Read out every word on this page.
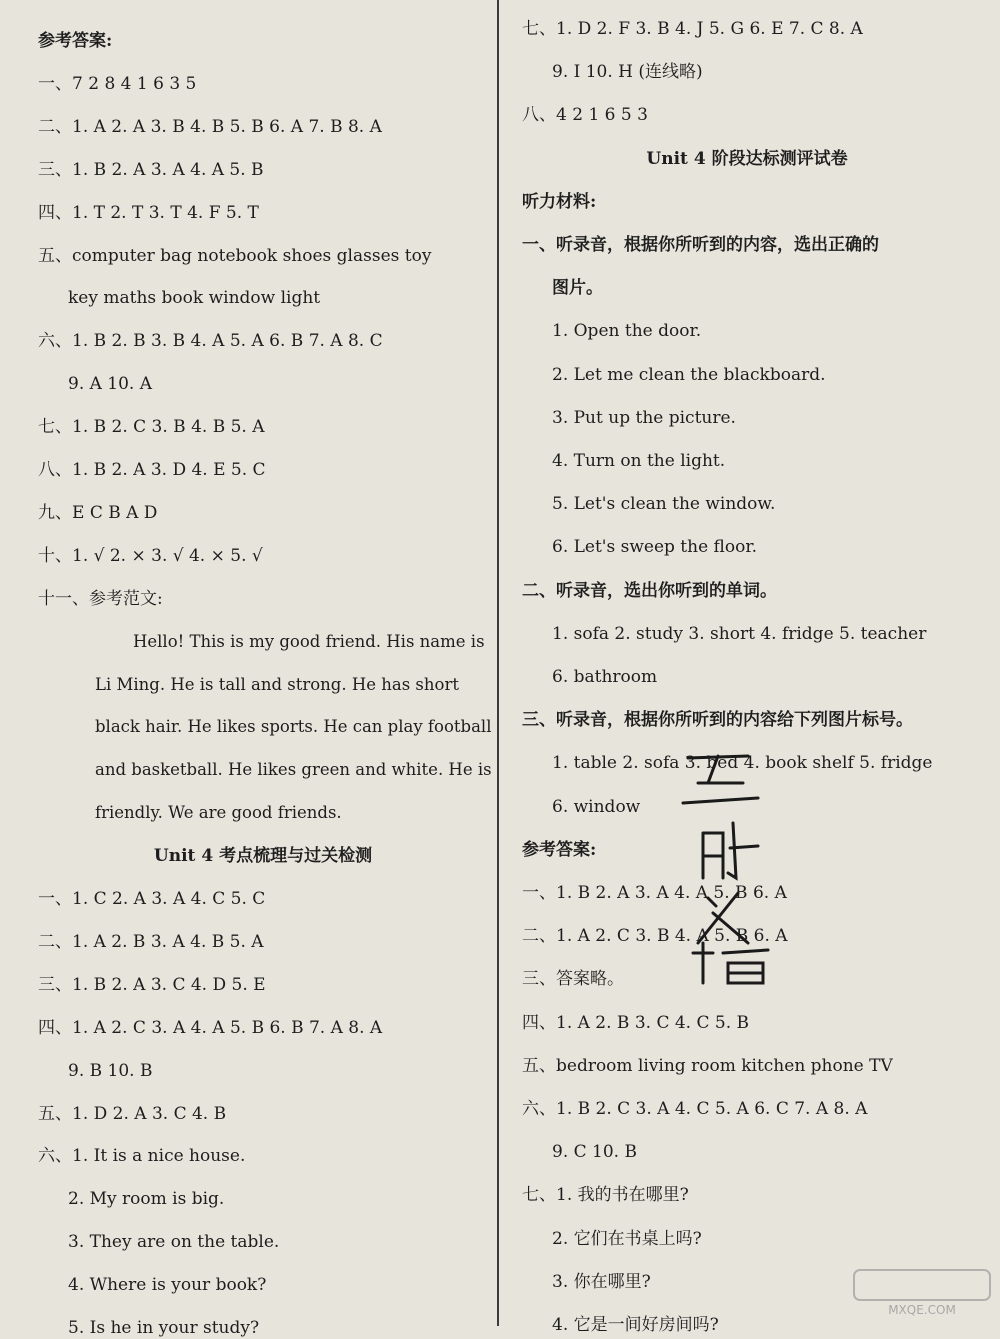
参考答案:
一、7 2 8 4 1 6 3 5
二、1. A 2. A 3. B 4. B 5. B 6. A 7. B 8. A
三、1. B 2. A 3. A 4. A 5. B
四、1. T 2. T 3. T 4. F 5. T
五、computer bag notebook shoes glasses toy
key maths book window light
六、1. B 2. B 3. B 4. A 5. A 6. B 7. A 8. C
9. A 10. A
七、1. B 2. C 3. B 4. B 5. A
八、1. B 2. A 3. D 4. E 5. C
九、E C B A D
十、1. √ 2. × 3. √ 4. × 5. √
十一、参考范文:
Hello! This is my good friend. His name is
Li Ming. He is tall and strong. He has short
black hair. He likes sports. He can play football
and basketball. He likes green and white. He is
friendly. We are good friends.
Unit 4 考点梳理与过关检测
一、1. C 2. A 3. A 4. C 5. C
二、1. A 2. B 3. A 4. B 5. A
三、1. B 2. A 3. C 4. D 5. E
四、1. A 2. C 3. A 4. A 5. B 6. B 7. A 8. A
9. B 10. B
五、1. D 2. A 3. C 4. B
六、1. It is a nice house.
2. My room is big.
3. They are on the table.
4. Where is your book?
5. Is he in your study?
七、1. D 2. F 3. B 4. J 5. G 6. E 7. C 8. A
9. I 10. H (连线略)
八、4 2 1 6 5 3
Unit 4 阶段达标测评试卷
听力材料:
一、听录音，根据你所听到的内容，选出正确的
图片。
1. Open the door.
2. Let me clean the blackboard.
3. Put up the picture.
4. Turn on the light.
5. Let's clean the window.
6. Let's sweep the floor.
二、听录音，选出你听到的单词。
1. sofa 2. study 3. short 4. fridge 5. teacher
6. bathroom
三、听录音，根据你所听到的内容给下列图片标号。
1. table 2. sofa 3. bed 4. book shelf 5. fridge
6. window
参考答案:
一、1. B 2. A 3. A 4. A 5. B 6. A
二、1. A 2. C 3. B 4. A 5. B 6. A
三、答案略。
四、1. A 2. B 3. C 4. C 5. B
五、bedroom living room kitchen phone TV
六、1. B 2. C 3. A 4. C 5. A 6. C 7. A 8. A
9. C 10. B
七、1. 我的书在哪里?
2. 它们在书桌上吗?
3. 你在哪里?
4. 它是一间好房间吗?
MXQE.COM
